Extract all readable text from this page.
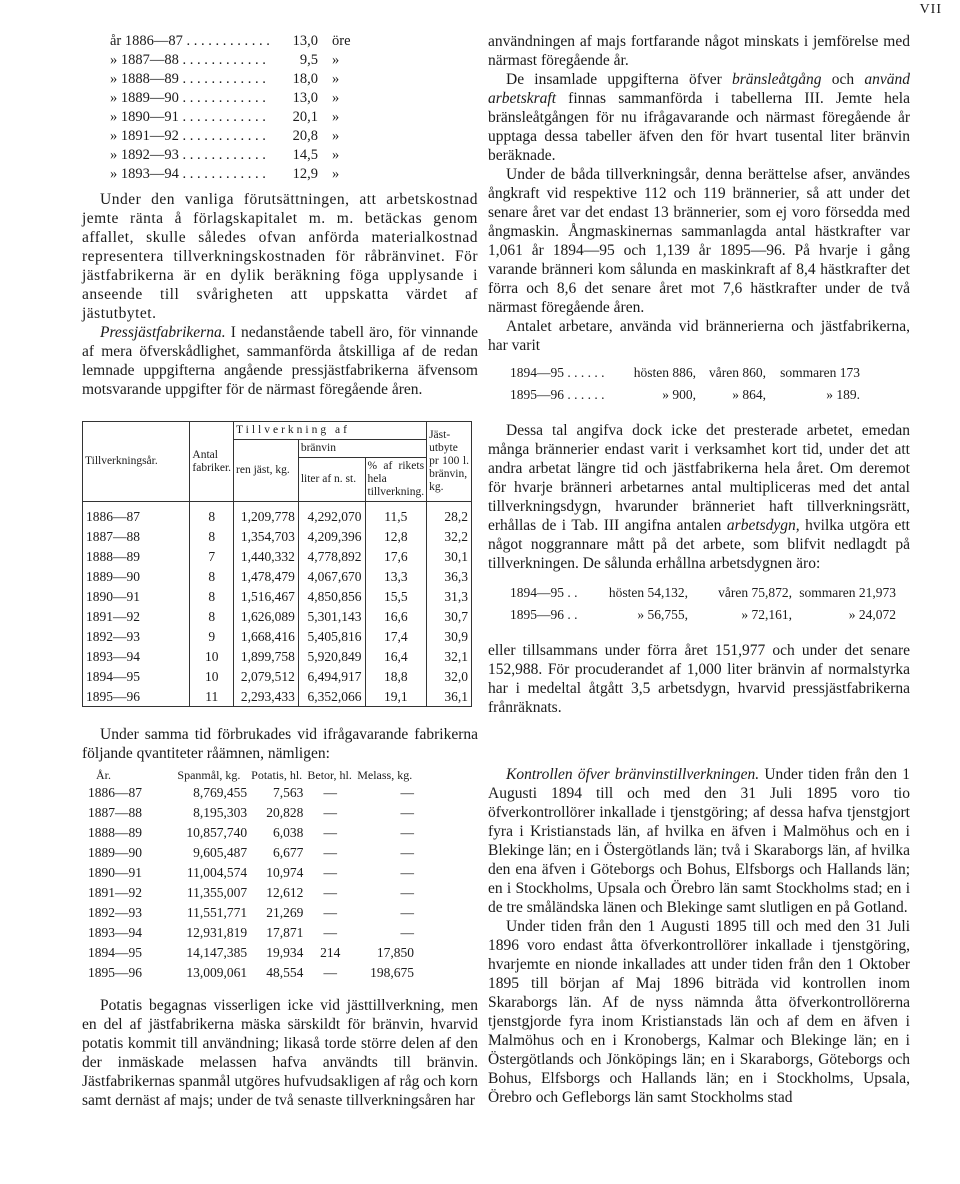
VII
år 1886—87 . . .	13,0 öre
» 1887—88 . . .	9,5 »
» 1888—89 . . .	18,0 »
» 1889—90 . . .	13,0 »
» 1890—91 . . .	20,1 »
» 1891—92 . . .	20,8 »
» 1892—93 . . .	14,5 »
» 1893—94 . . .	12,9 »

Under den vanliga förutsättningen, att arbetskostnad jemte ränta å förlagskapitalet m. m. betäckas genom affallet, skulle således ofvan anförda materialkostnad representera tillverkningskostnaden för råbränvinet. För jästfabrikerna är en dylik beräkning föga upplysande i anseende till svårigheten att uppskatta värdet af jästutbytet.

Pressjästfabrikerna. I nedanstående tabell äro, för vinnande af mera öfverskådlighet, sammanförda åtskilliga af de redan lemnade uppgifterna angående pressjästfabrikerna äfvensom motsvarande uppgifter för de närmast föregående åren.

Tillverkningsår.	Antal fabriker.	Tillverkning af			Jäst-utbyte pr 100 l. bränvin, kg.
		ren jäst, kg.	bränvin		
			liter af n. st.	% af rikets hela tillverkning.	
1886—87	8	1,209,778	4,292,070	11,5	28,2
1887—88	8	1,354,703	4,209,396	12,8	32,2
1888—89	7	1,440,332	4,778,892	17,6	30,1
1889—90	8	1,478,479	4,067,670	13,3	36,3
1890—91	8	1,516,467	4,850,856	15,5	31,3
1891—92	8	1,626,089	5,301,143	16,6	30,7
1892—93	9	1,668,416	5,405,816	17,4	30,9
1893—94	10	1,899,758	5,920,849	16,4	32,1
1894—95	10	2,079,512	6,494,917	18,8	32,0
1895—96	11	2,293,433	6,352,066	19,1	36,1

Under samma tid förbrukades vid ifrågavarande fabrikerna följande qvantiteter råämnen, nämligen:

År.	Spanmål, kg.	Potatis, hl.	Betor, hl.	Melass, kg.
1886—87	8,769,455	7,563	—	—
1887—88	8,195,303	20,828	—	—
1888—89	10,857,740	6,038	—	—
1889—90	9,605,487	6,677	—	—
1890—91	11,004,574	10,974	—	—
1891—92	11,355,007	12,612	—	—
1892—93	11,551,771	21,269	—	—
1893—94	12,931,819	17,871	—	—
1894—95	14,147,385	19,934	214	17,850
1895—96	13,009,061	48,554	—	198,675

Potatis begagnas visserligen icke vid jästtillverkning, men en del af jästfabrikerna mäska särskildt för bränvin, hvarvid potatis kommit till användning; likaså torde större delen af den der inmäskade melassen hafva användts till bränvin. Jästfabrikernas spanmål utgöres hufvudsakligen af råg och korn samt dernäst af majs; under de två senaste tillverkningsåren har

användningen af majs fortfarande något minskats i jemförelse med närmast föregående år.

De insamlade uppgifterna öfver bränsleåtgång och använd arbetskraft finnas sammanförda i tabellerna III. Jemte hela bränsleåtgången för nu ifrågavarande och närmast föregående år upptaga dessa tabeller äfven den för hvart tusental liter bränvin beräknade.

Under de båda tillverkningsår, denna berättelse afser, användes ångkraft vid respektive 112 och 119 brännerier, så att under det senare året var det endast 13 brännerier, som ej voro försedda med ångmaskin. Ångmaskinernas sammanlagda antal hästkrafter var 1,061 år 1894—95 och 1,139 år 1895—96. På hvarje i gång varande bränneri kom sålunda en maskinkraft af 8,4 hästkrafter det förra och 8,6 det senare året mot 7,6 hästkrafter under de två närmast föregående åren.

Antalet arbetare, använda vid brännerierna och jästfabrikerna, har varit

1894—95 . . . . . .	hösten 886, våren 860,	sommaren 173
1895—96 . . . . . .	» 900,	» 864,	» 189.

Dessa tal angifva dock icke det presterade arbetet, emedan många brännerier endast varit i verksamhet kort tid, under det att andra arbetat längre tid och jästfabrikerna hela året. Om deremot för hvarje bränneri arbetarnes antal multipliceras med det antal tillverkningsdygn, hvarunder bränneriet haft tillverkningsrätt, erhållas de i Tab. III angifna antalen arbetsdygn, hvilka utgöra ett något noggrannare mått på det arbete, som blifvit nedlagdt på tillverkningen. De sålunda erhållna arbetsdygnen äro:

1894—95 . .	hösten 54,132,	våren 75,872, sommaren 21,973
1895—96 . .	» 56,755,	» 72,161,	» 24,072

eller tillsammans under förra året 151,977 och under det senare 152,988. För procuderandet af 1,000 liter bränvin af normalstyrka har i medeltal åtgått 3,5 arbetsdygn, hvarvid pressjästfabrikerna frånräknats.

Kontrollen öfver bränvinstillverkningen. Under tiden från den 1 Augusti 1894 till och med den 31 Juli 1895 voro tio öfverkontrollörer inkallade i tjenstgöring; af dessa hafva tjenstgjort fyra i Kristianstads län, af hvilka en äfven i Malmöhus och en i Blekinge län; en i Östergötlands län; två i Skaraborgs län, af hvilka den ena äfven i Göteborgs och Bohus, Elfsborgs och Hallands län; en i Stockholms, Upsala och Örebro län samt Stockholms stad; en i de tre småländska länen och Blekinge samt slutligen en på Gotland.

Under tiden från den 1 Augusti 1895 till och med den 31 Juli 1896 voro endast åtta öfverkontrollörer inkallade i tjenstgöring, hvarjemte en nionde inkallades att under tiden från den 1 Oktober 1895 till början af Maj 1896 biträda vid kontrollen inom Skaraborgs län. Af de nyss nämnda åtta öfverkontrollörerna tjenstgjorde fyra inom Kristianstads län och af dem en äfven i Malmöhus och en i Kronobergs, Kalmar och Blekinge län; en i Östergötlands och Jönköpings län; en i Skaraborgs, Göteborgs och Bohus, Elfsborgs och Hallands län; en i Stockholms, Upsala, Örebro och Gefleborgs län samt Stockholms stad
